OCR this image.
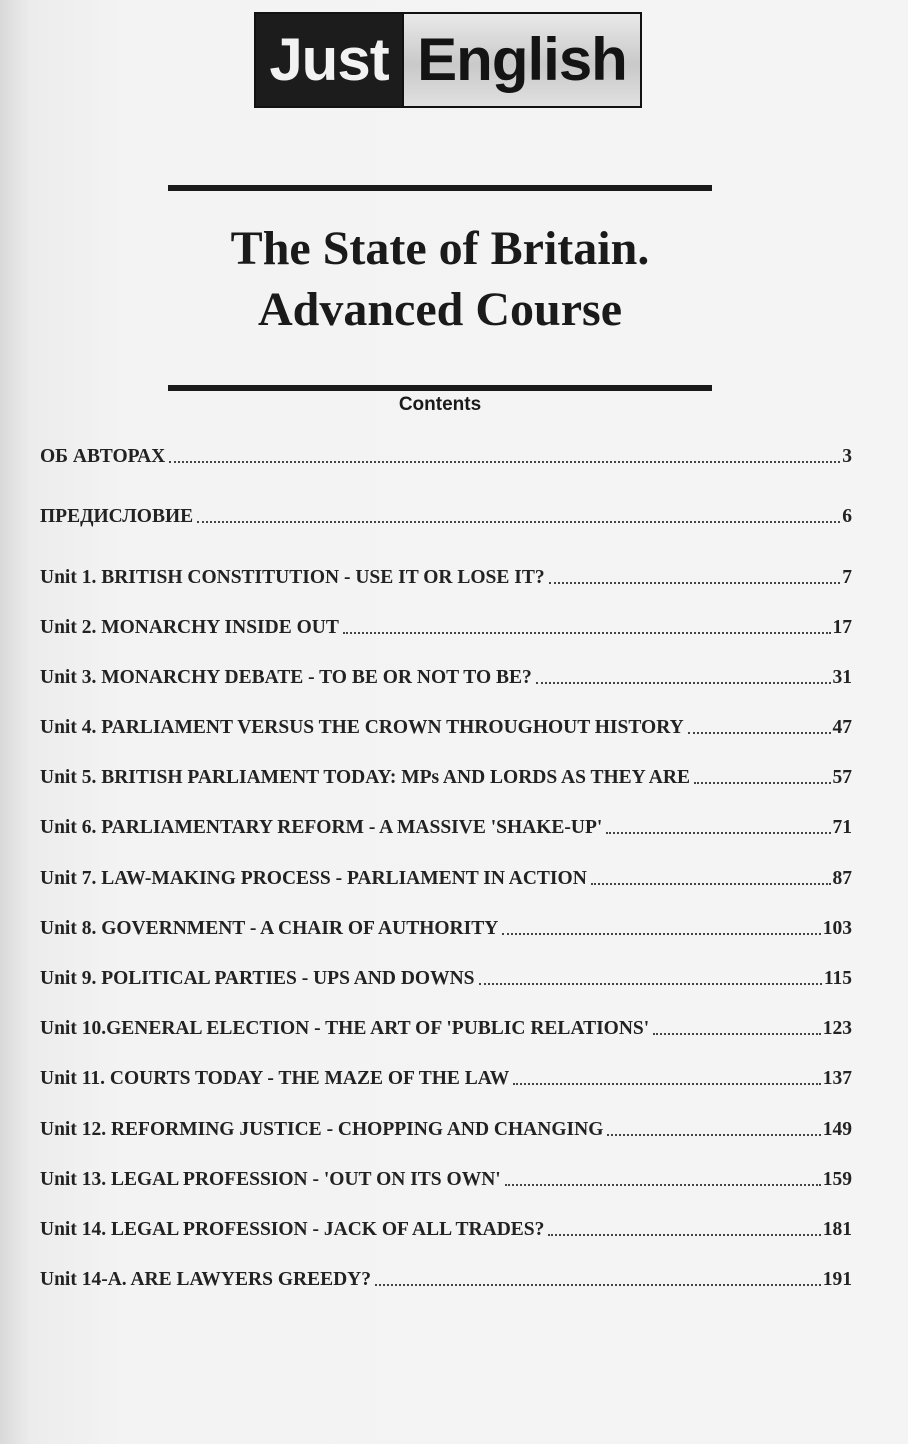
Just English
The State of Britain.
Advanced Course
Contents
ОБ АВТОРАХ	3
ПРЕДИСЛОВИЕ	6
Unit 1. BRITISH CONSTITUTION - USE IT OR LOSE IT?	7
Unit 2. MONARCHY INSIDE OUT	17
Unit 3. MONARCHY DEBATE - TO BE OR NOT TO BE?	31
Unit 4. PARLIAMENT VERSUS THE CROWN THROUGHOUT HISTORY	47
Unit 5. BRITISH PARLIAMENT TODAY: MPs AND LORDS AS THEY ARE	57
Unit 6. PARLIAMENTARY REFORM - A MASSIVE 'SHAKE-UP'	71
Unit 7. LAW-MAKING PROCESS - PARLIAMENT IN ACTION	87
Unit 8. GOVERNMENT - A CHAIR OF AUTHORITY	103
Unit 9. POLITICAL PARTIES - UPS AND DOWNS	115
Unit 10.GENERAL ELECTION - THE ART OF 'PUBLIC RELATIONS'	123
Unit 11. COURTS TODAY - THE MAZE OF THE LAW	137
Unit 12. REFORMING JUSTICE - CHOPPING AND CHANGING	149
Unit 13. LEGAL PROFESSION - 'OUT ON ITS OWN'	159
Unit 14. LEGAL PROFESSION - JACK OF ALL TRADES?	181
Unit 14-A. ARE LAWYERS GREEDY?	191
